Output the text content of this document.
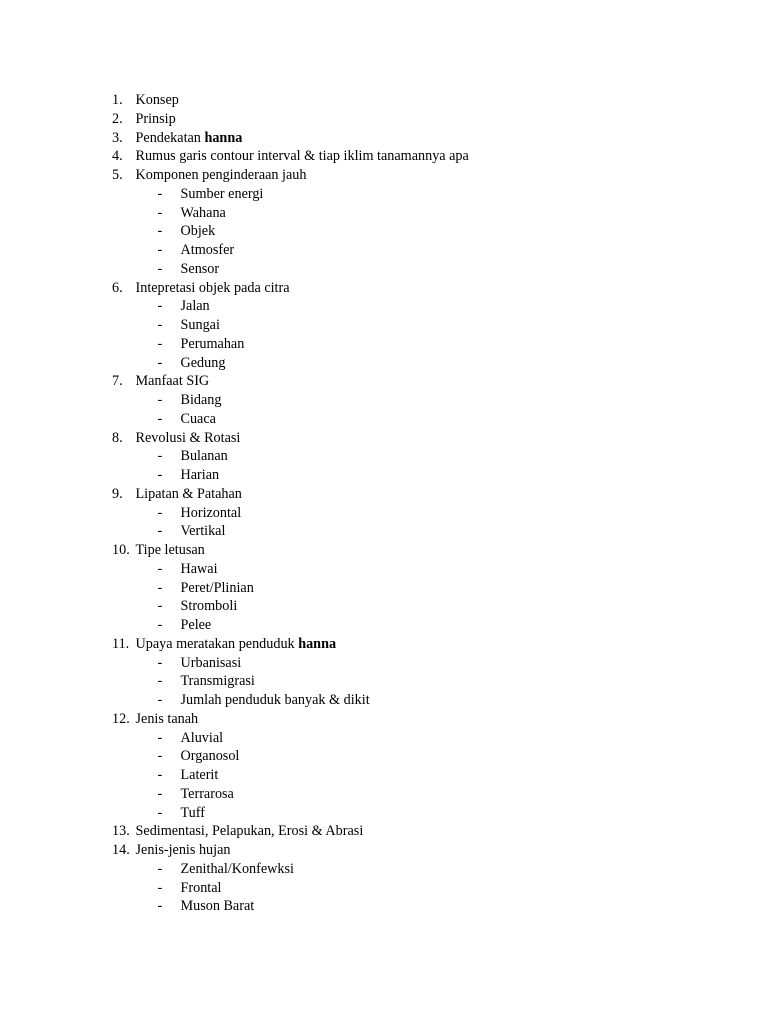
1. Konsep
2. Prinsip
3. Pendekatan hanna
4. Rumus garis contour interval & tiap iklim tanamannya apa
5. Komponen penginderaan jauh
- Sumber energi
- Wahana
- Objek
- Atmosfer
- Sensor
6. Intepretasi objek pada citra
- Jalan
- Sungai
- Perumahan
- Gedung
7. Manfaat SIG
- Bidang
- Cuaca
8. Revolusi & Rotasi
- Bulanan
- Harian
9. Lipatan & Patahan
- Horizontal
- Vertikal
10. Tipe letusan
- Hawai
- Peret/Plinian
- Stromboli
- Pelee
11. Upaya meratakan penduduk hanna
- Urbanisasi
- Transmigrasi
- Jumlah penduduk banyak & dikit
12. Jenis tanah
- Aluvial
- Organosol
- Laterit
- Terrarosa
- Tuff
13. Sedimentasi, Pelapukan, Erosi & Abrasi
14. Jenis-jenis hujan
- Zenithal/Konfewksi
- Frontal
- Muson Barat
